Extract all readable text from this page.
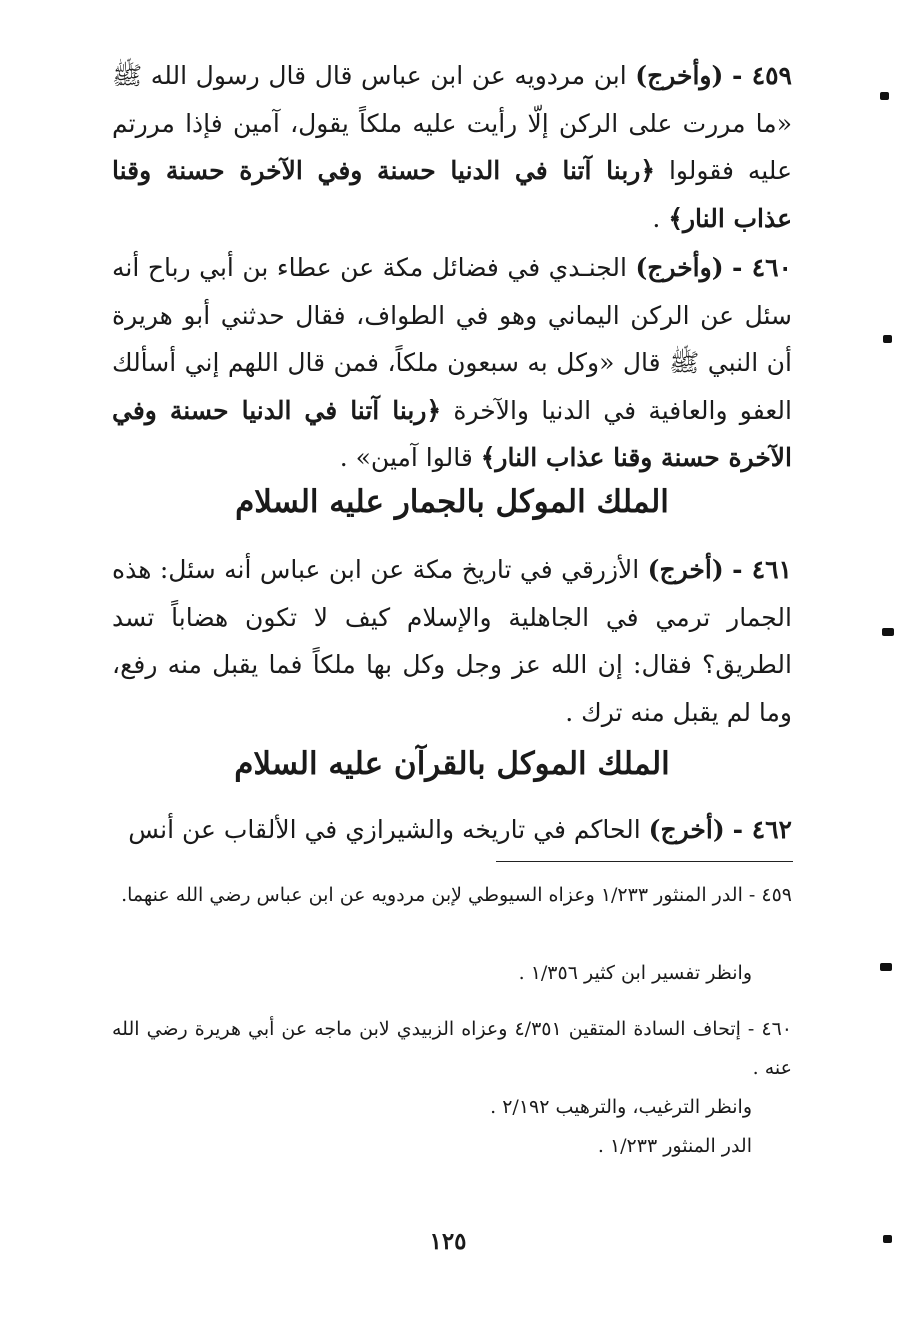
٤٥٩ - (وأخرج) ابن مردويه عن ابن عباس قال قال رسول الله ﷺ «ما مررت على الركن إلّا رأيت عليه ملكاً يقول، آمين فإذا مررتم عليه فقولوا ﴿ربنا آتنا في الدنيا حسنة وفي الآخرة حسنة وقنا عذاب النار﴾ .
٤٦٠ - (وأخرج) الجنـدي في فضائل مكة عن عطاء بن أبي رباح أنه سئل عن الركن اليماني وهو في الطواف، فقال حدثني أبو هريرة أن النبي ﷺ قال «وكل به سبعون ملكاً، فمن قال اللهم إني أسألك العفو والعافية في الدنيا والآخرة ﴿ربنا آتنا في الدنيا حسنة وفي الآخرة حسنة وقنا عذاب النار﴾ قالوا آمين» .
الملك الموكل بالجمار عليه السلام
٤٦١ - (أخرج) الأزرقي في تاريخ مكة عن ابن عباس أنه سئل: هذه الجمار ترمي في الجاهلية والإسلام كيف لا تكون هضاباً تسد الطريق؟ فقال: إن الله عز وجل وكل بها ملكاً فما يقبل منه رفع، وما لم يقبل منه ترك .
الملك الموكل بالقرآن عليه السلام
٤٦٢ - (أخرج) الحاكم في تاريخه والشيرازي في الألقاب عن أنس
٤٥٩ - الدر المنثور ١/٢٣٣ وعزاه السيوطي لإبن مردويه عن ابن عباس رضي الله عنهما.
وانظر تفسير ابن كثير ١/٣٥٦ .
٤٦٠ - إتحاف السادة المتقين ٤/٣٥١ وعزاه الزبيدي لابن ماجه عن أبي هريرة رضي الله عنه .
وانظر الترغيب، والترهيب ٢/١٩٢ .
الدر المنثور ١/٢٣٣ .
١٢٥
